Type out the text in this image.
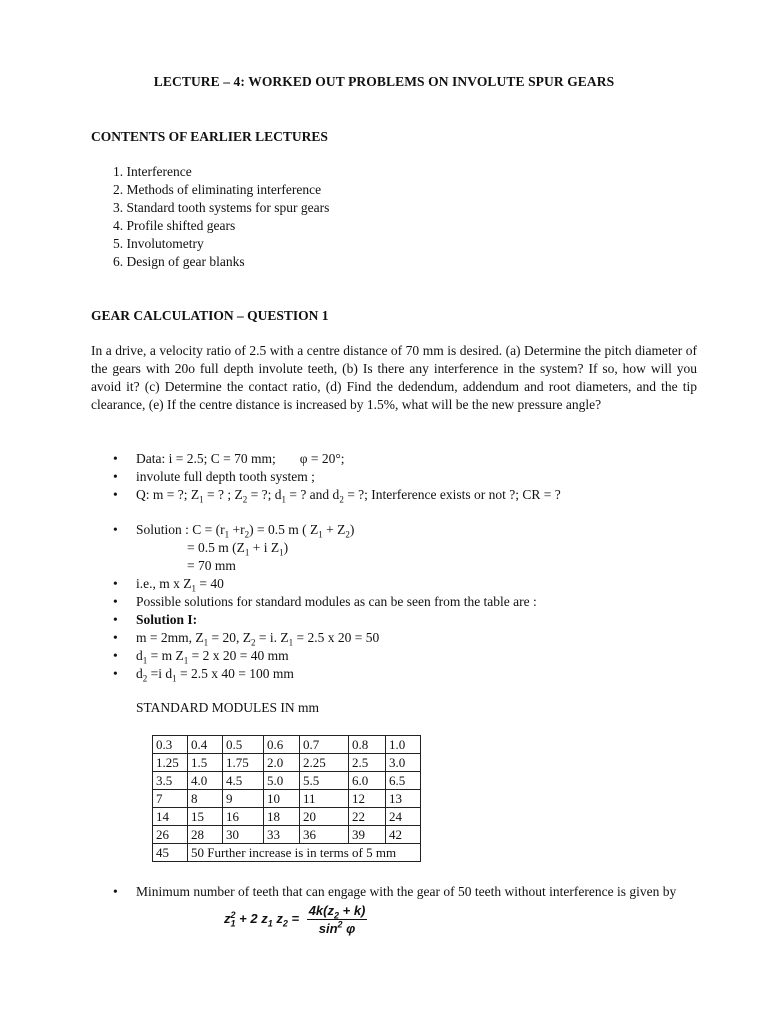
LECTURE – 4: WORKED OUT PROBLEMS ON INVOLUTE SPUR GEARS
CONTENTS OF EARLIER LECTURES
1. Interference
2. Methods of eliminating interference
3. Standard tooth systems for spur gears
4. Profile shifted gears
5. Involutometry
6. Design of gear blanks
GEAR CALCULATION – QUESTION 1
In a drive, a velocity ratio of 2.5 with a centre distance of 70 mm is desired. (a) Determine the pitch diameter of the gears with 20o full depth involute teeth, (b) Is there any interference in the system? If so, how will you avoid it? (c) Determine the contact ratio, (d) Find the dedendum, addendum and root diameters, and the tip clearance, (e) If the centre distance is increased by 1.5%, what will be the new pressure angle?
•	Data: i = 2.5; C = 70 mm; φ = 20°;
•	involute full depth tooth system ;
•	Q: m = ?; $Z_1$ = ? ; $Z_2$ = ?; $d_1$ = ? and $d_2$ = ?; Interference exists or not ?; CR = ?
•	Solution : $C = (r_1 +r_2) = 0.5$ m ( $Z_1 + Z_2$)
= 0.5 m ($Z_1 + i$ $Z_1$)
= 70 mm
•	i.e., m x $Z_1 = 40$
•	Possible solutions for standard modules as can be seen from the table are :
•	Solution I:
•	m = 2mm, $Z_1 = 20$, $Z_2 = i$. $Z_1 = 2.5$ x 20 = 50
•	$d_1 = m$ $Z_1 = 2$ x 20 = 40 mm
•	$d_2 =i$ $d_1 = 2.5$ x 40 = 100 mm
STANDARD MODULES IN mm
0.3	0.4	0.5	0.6	0.7	0.8	1.0
1.25	1.5	1.75	2.0	2.25	2.5	3.0
3.5	4.0	4.5	5.0	5.5	6.0	6.5
7	8	9	10	11	12	13
14	15	16	18	20	22	24
26	28	30	33	36	39	42
45	50 Further increase is in terms of 5 mm					
•	Minimum number of teeth that can engage with the gear of 50 teeth without interference is given by
$z_1^2 + 2$ $z_1$ $z_2 = \frac{4k(z_2 + k)}{\sin^2 \varphi}$
